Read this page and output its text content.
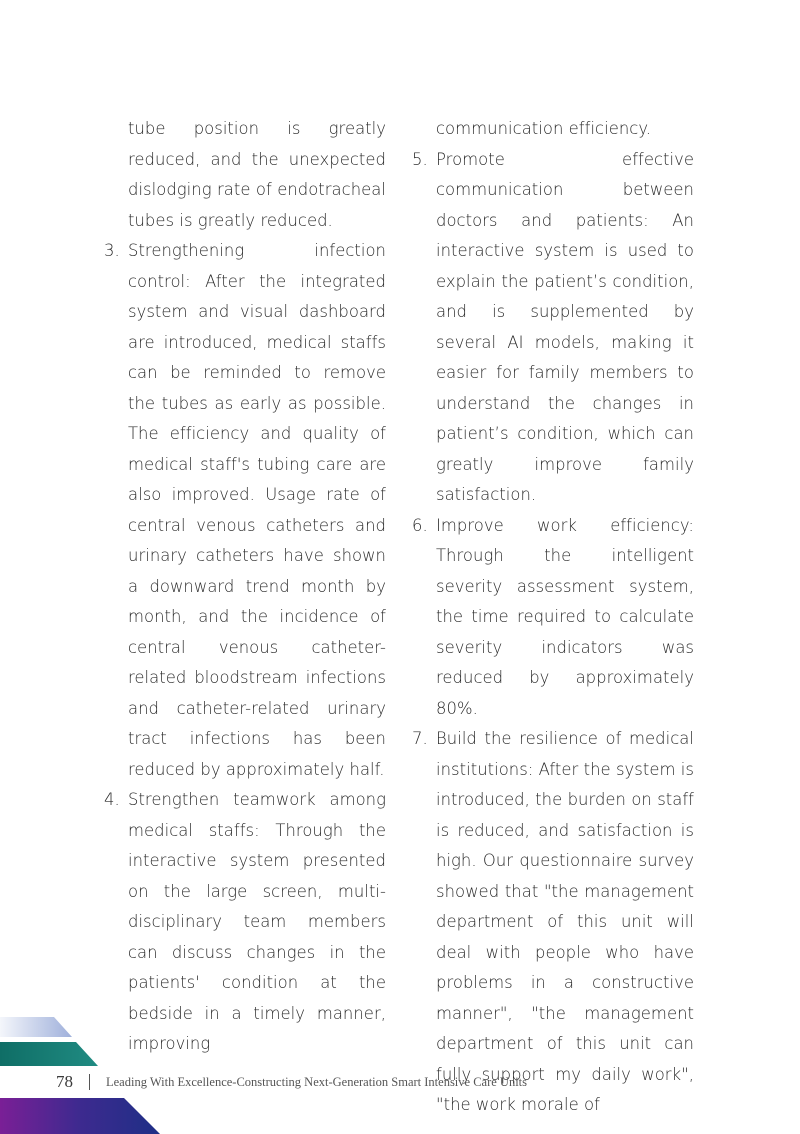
tube position is greatly reduced, and the unexpected dislodging rate of endotracheal tubes is greatly reduced.
3. Strengthening infection control: After the integrated system and visual dashboard are introduced, medical staffs can be reminded to remove the tubes as early as possible. The efficiency and quality of medical staff's tubing care are also improved. Usage rate of central venous catheters and urinary catheters have shown a downward trend month by month, and the incidence of central venous catheter-related bloodstream infections and catheter-related urinary tract infections has been reduced by approximately half.
4. Strengthen teamwork among medical staffs: Through the interactive system presented on the large screen, multi-disciplinary team members can discuss changes in the patients' condition at the bedside in a timely manner, improving
communication efficiency.
5. Promote effective communication between doctors and patients: An interactive system is used to explain the patient’s condition, and is supplemented by several AI models, making it easier for family members to understand the changes in patient’s condition, which can greatly improve family satisfaction.
6. Improve work efficiency: Through the intelligent severity assessment system, the time required to calculate severity indicators was reduced by approximately 80%.
7. Build the resilience of medical institutions: After the system is introduced, the burden on staff is reduced, and satisfaction is high. Our questionnaire survey showed that "the management department of this unit will deal with people who have problems in a constructive manner", "the management department of this unit can fully support my daily work", "the work morale of
78	Leading With Excellence-Constructing Next-Generation Smart Intensive Care Units
